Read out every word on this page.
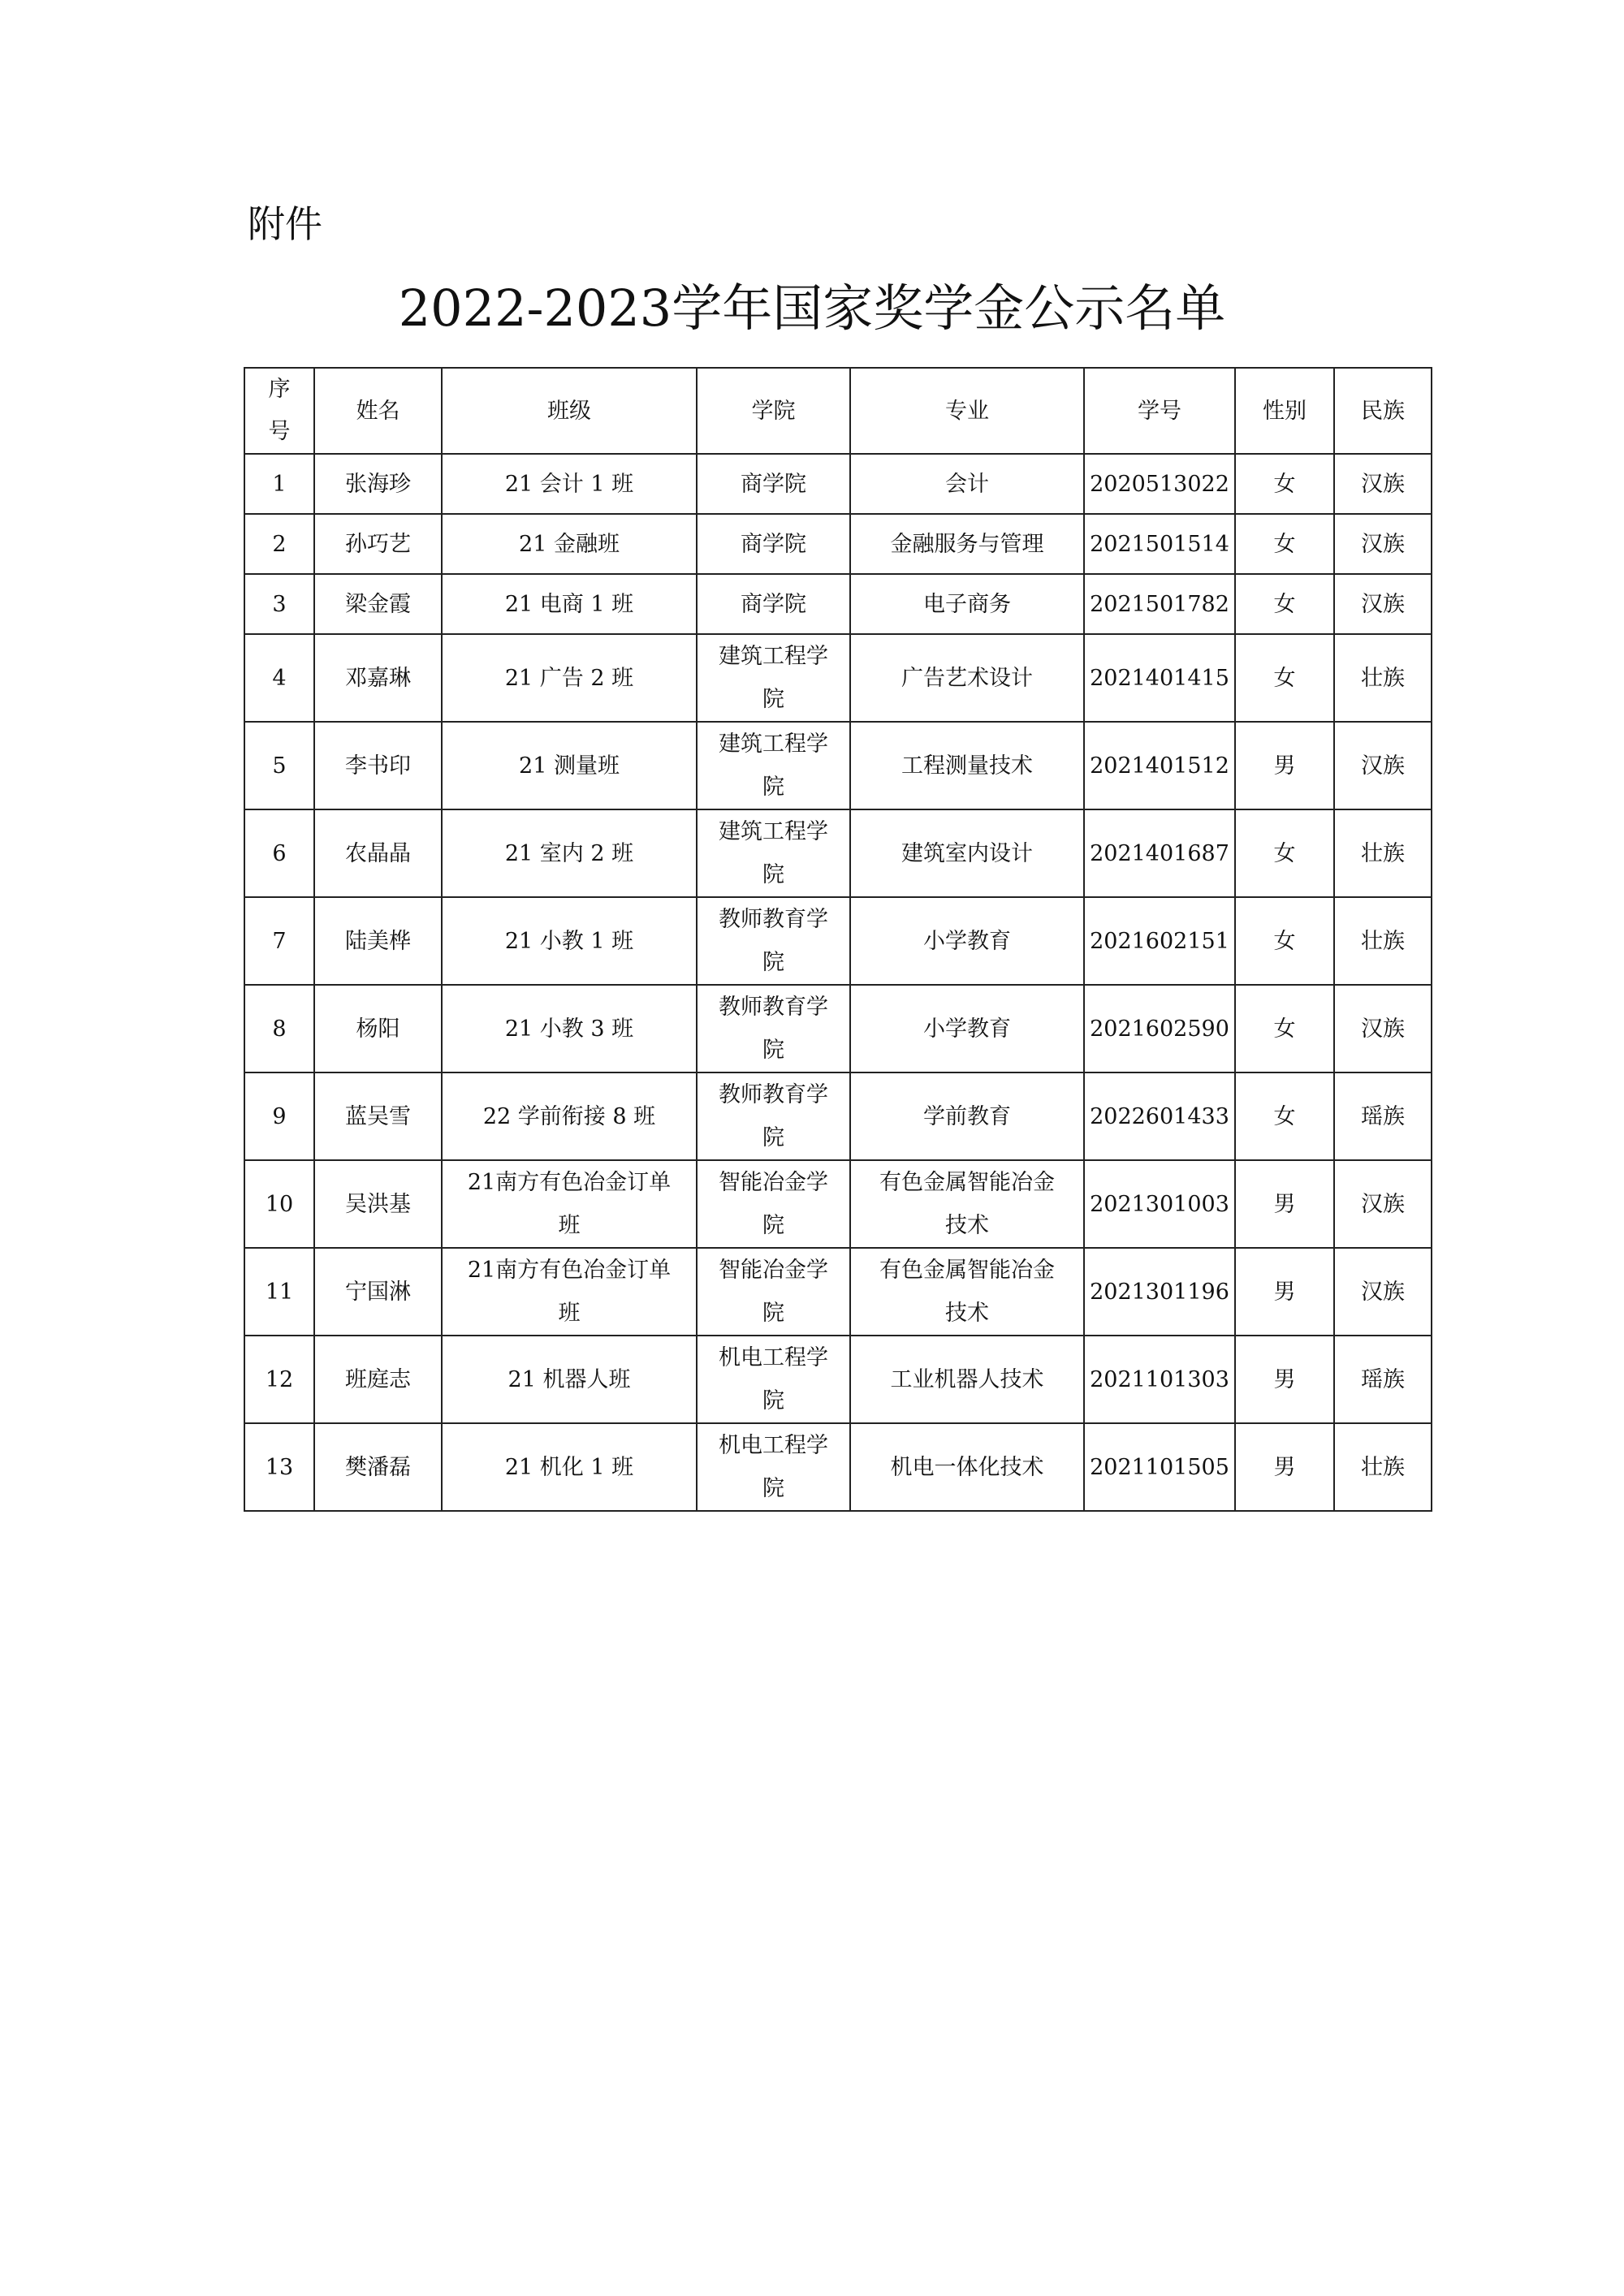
附件
2022-2023学年国家奖学金公示名单
序号	姓名	班级	学院	专业	学号	性别	民族
1	张海珍	21 会计 1 班	商学院	会计	2020513022	女	汉族
2	孙巧艺	21 金融班	商学院	金融服务与管理	2021501514	女	汉族
3	梁金霞	21 电商 1 班	商学院	电子商务	2021501782	女	汉族
4	邓嘉琳	21 广告 2 班	建筑工程学院	广告艺术设计	2021401415	女	壮族
5	李书印	21 测量班	建筑工程学院	工程测量技术	2021401512	男	汉族
6	农晶晶	21 室内 2 班	建筑工程学院	建筑室内设计	2021401687	女	壮族
7	陆美桦	21 小教 1 班	教师教育学院	小学教育	2021602151	女	壮族
8	杨阳	21 小教 3 班	教师教育学院	小学教育	2021602590	女	汉族
9	蓝吴雪	22 学前衔接 8 班	教师教育学院	学前教育	2022601433	女	瑶族
10	吴洪基	21南方有色冶金订单班	智能冶金学院	有色金属智能冶金技术	2021301003	男	汉族
11	宁国淋	21南方有色冶金订单班	智能冶金学院	有色金属智能冶金技术	2021301196	男	汉族
12	班庭志	21 机器人班	机电工程学院	工业机器人技术	2021101303	男	瑶族
13	樊潘磊	21 机化 1 班	机电工程学院	机电一体化技术	2021101505	男	壮族
